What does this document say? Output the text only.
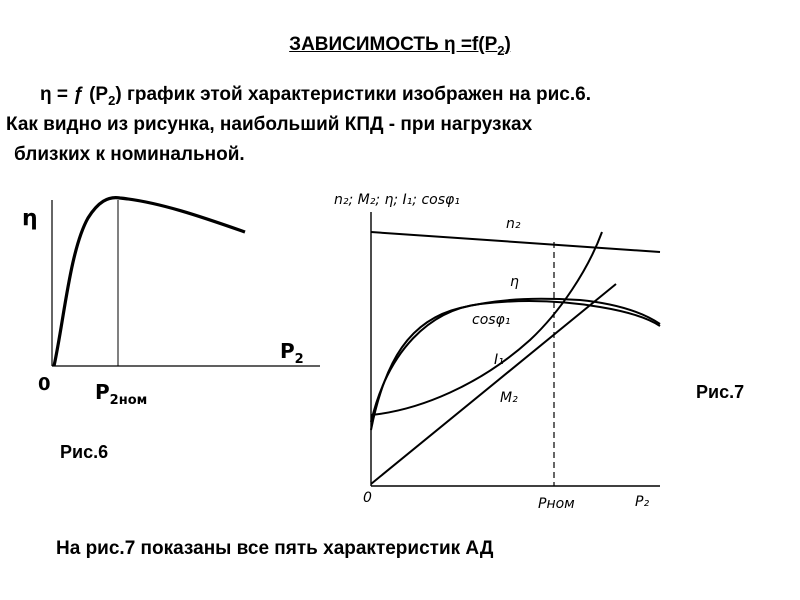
ЗАВИСИМОСТЬ $\eta =f(P_2)$
η = ƒ $(P_2)$ график этой характеристики изображен на рис.6.
Как видно из рисунка, наибольший КПД - при нагрузках
близких к номинальной.
η
$P_2$
0 $P_{2ном}$
Рис.6
n₂; M₂; η; I₁; cosφ₁
P₂
0	Pном
n₂
η
cosφ₁
I₁
M₂	Рис.7
На рис.7 показаны все пять характеристик АД
